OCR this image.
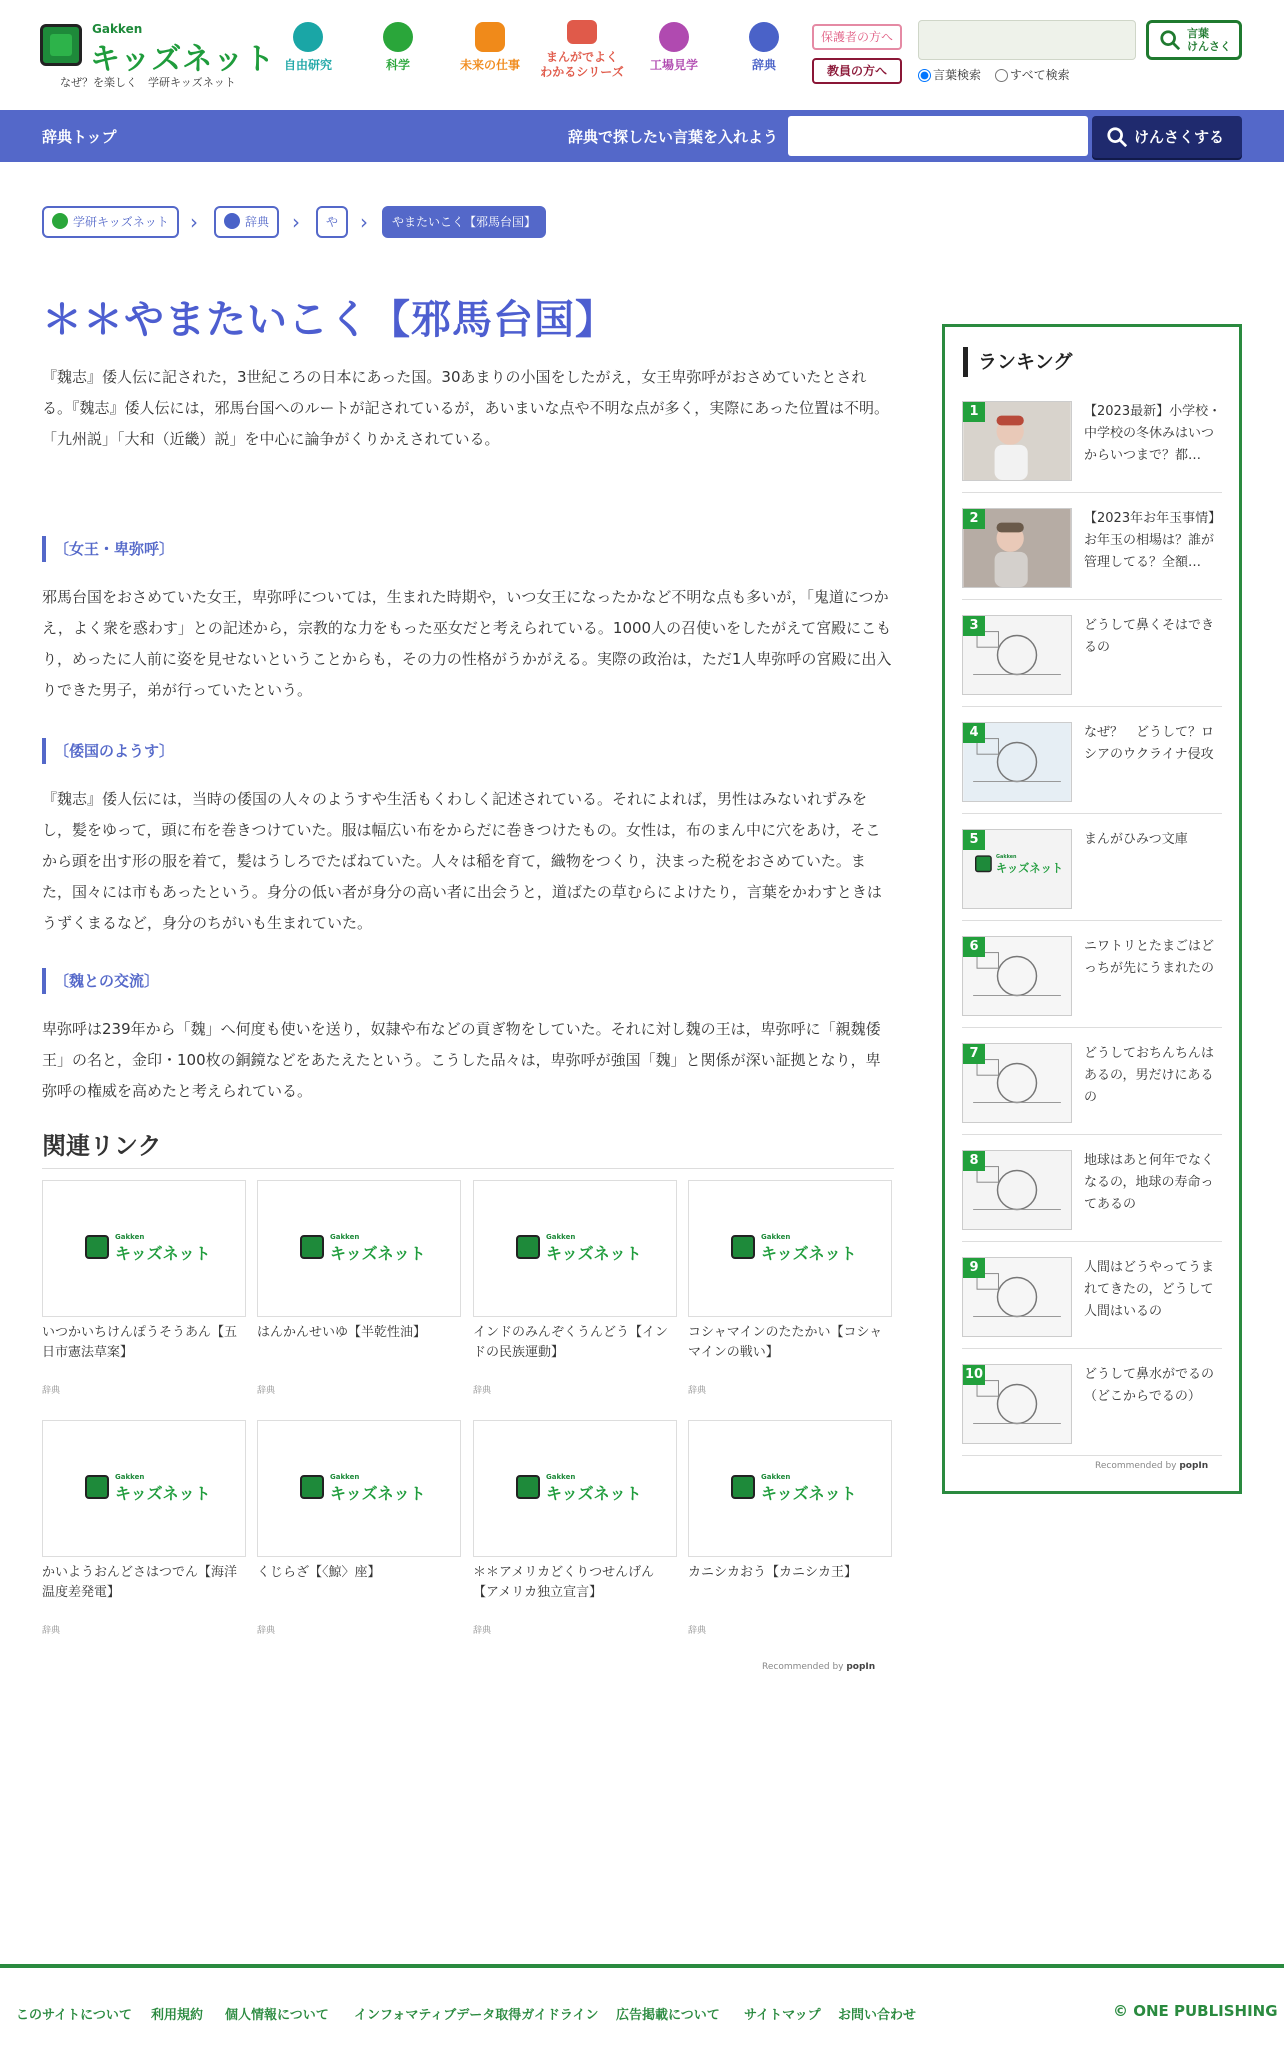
Gakken
キッズネット
なぜ？を楽しく　学研キッズネット
自由研究	科学	未来の仕事
まんがでよく
わかるシリーズ	工場見学	辞典
保護者の方へ
教員の方へ
言葉
けんさく
言葉検索 すべて検索
辞典トップ	辞典で探したい言葉を入れよう	けんさくする
学研キッズネット	›	辞典	›	や	›	やまたいこく【邪馬台国】
＊＊やまたいこく【邪馬台国】

『魏志』倭人伝に記された，3世紀ころの日本にあった国。30あまりの小国をしたがえ，女王卑弥呼がおさめていたとされる。『魏志』倭人伝には，邪馬台国へのルートが記されているが，あいまいな点や不明な点が多く，実際にあった位置は不明。「九州説」「大和（近畿）説」を中心に論争がくりかえされている。

〔女王・卑弥呼〕

邪馬台国をおさめていた女王，卑弥呼については，生まれた時期や，いつ女王になったかなど不明な点も多いが，「鬼道につかえ，よく衆を惑わす」との記述から，宗教的な力をもった巫女だと考えられている。1000人の召使いをしたがえて宮殿にこもり，めったに人前に姿を見せないということからも，その力の性格がうかがえる。実際の政治は，ただ1人卑弥呼の宮殿に出入りできた男子，弟が行っていたという。

〔倭国のようす〕

『魏志』倭人伝には，当時の倭国の人々のようすや生活もくわしく記述されている。それによれば，男性はみないれずみをし，髪をゆって，頭に布を巻きつけていた。服は幅広い布をからだに巻きつけたもの。女性は，布のまん中に穴をあけ，そこから頭を出す形の服を着て，髪はうしろでたばねていた。人々は稲を育て，織物をつくり，決まった税をおさめていた。また，国々には市もあったという。身分の低い者が身分の高い者に出会うと，道ばたの草むらによけたり，言葉をかわすときはうずくまるなど，身分のちがいも生まれていた。

〔魏との交流〕

卑弥呼は239年から「魏」へ何度も使いを送り，奴隷や布などの貢ぎ物をしていた。それに対し魏の王は，卑弥呼に「親魏倭王」の名と，金印・100枚の銅鏡などをあたえたという。こうした品々は，卑弥呼が強国「魏」と関係が深い証拠となり，卑弥呼の権威を高めたと考えられている。

関連リンク
Gakken
キッズネット
いつかいちけんぽうそうあん【五日市憲法草案】
辞典
Gakken
キッズネット
はんかんせいゆ【半乾性油】
辞典
Gakken
キッズネット
インドのみんぞくうんどう【インドの民族運動】
辞典
Gakken
キッズネット
コシャマインのたたかい【コシャマインの戦い】
辞典
Gakken
キッズネット
かいようおんどさはつでん【海洋温度差発電】
辞典
Gakken
キッズネット
くじらざ【〈鯨〉座】
辞典
Gakken
キッズネット
＊＊アメリカどくりつせんげん【アメリカ独立宣言】
辞典
Gakken
キッズネット
カニシカおう【カニシカ王】
辞典
Recommended by popIn
ランキング
1	【2023最新】小学校・中学校の冬休みはいつからいつまで？都…
2	【2023年お年玉事情】お年玉の相場は？誰が管理してる？全額…
3	どうして鼻くそはできるの
4	なぜ？　どうして？ロシアのウクライナ侵攻
5
Gakken
キッズネット
まんがひみつ文庫
6	ニワトリとたまごはどっちが先にうまれたの
7	どうしておちんちんはあるの，男だけにあるの
8	地球はあと何年でなくなるの，地球の寿命ってあるの
9	人間はどうやってうまれてきたの，どうして人間はいるの
10	どうして鼻水がでるの（どこからでるの）
Recommended by popIn
このサイトについて 利用規約 個人情報について インフォマティブデータ取得ガイドライン 広告掲載について サイトマップ お問い合わせ	© ONE PUBLISHING
